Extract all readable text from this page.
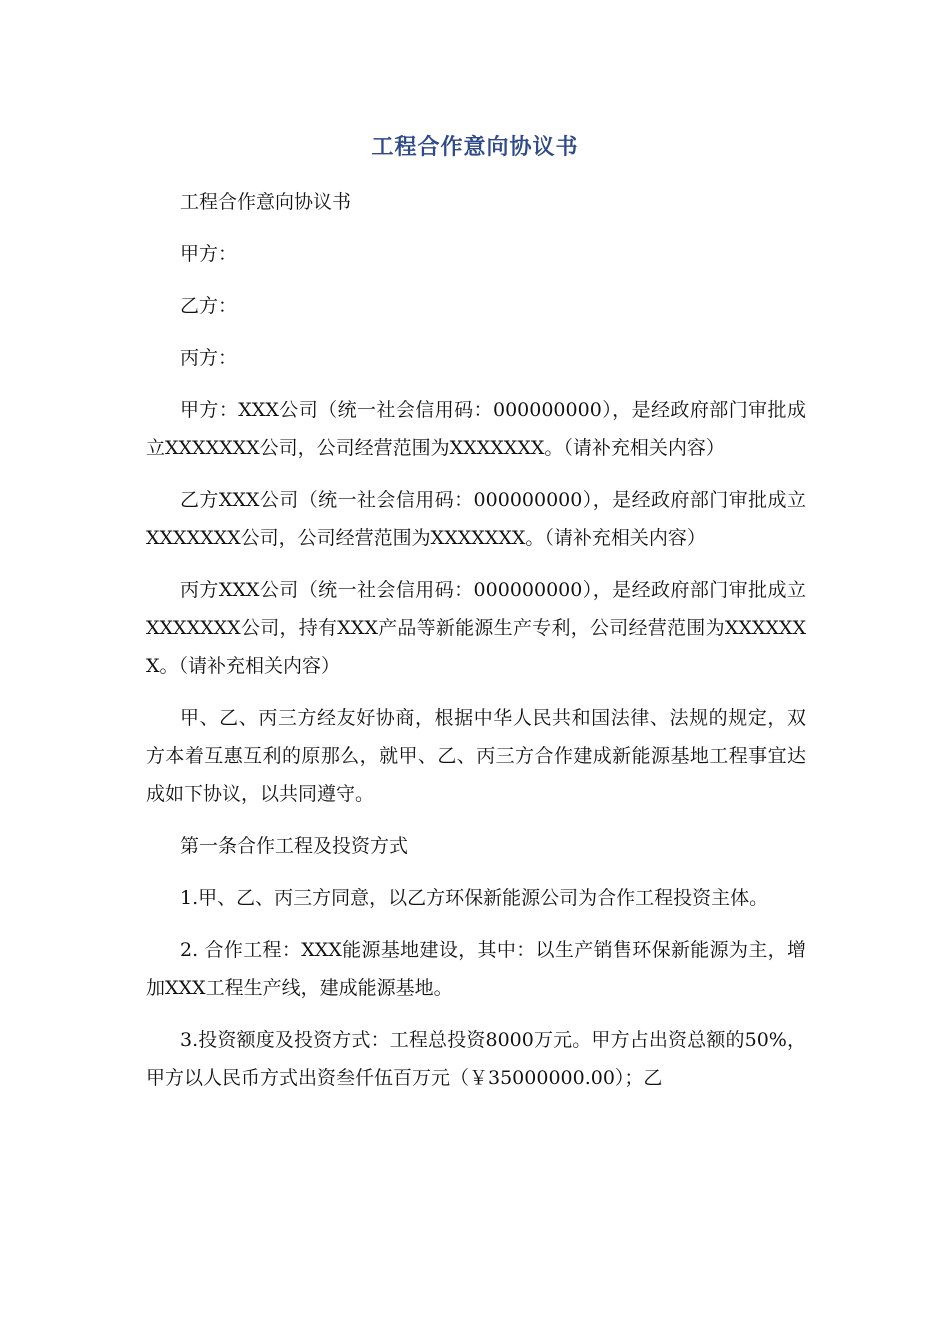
工程合作意向协议书

工程合作意向协议书

甲方：

乙方：

丙方：

甲方：XXX公司（统一社会信用码：000000000），是经政府部门审批成立XXXXXXX公司，公司经营范围为XXXXXXX。（请补充相关内容）

乙方XXX公司（统一社会信用码：000000000），是经政府部门审批成立XXXXXXX公司，公司经营范围为XXXXXXX。（请补充相关内容）

丙方XXX公司（统一社会信用码：000000000），是经政府部门审批成立XXXXXXX公司，持有XXX产品等新能源生产专利，公司经营范围为XXXXXXX。（请补充相关内容）

甲、乙、丙三方经友好协商，根据中华人民共和国法律、法规的规定，双方本着互惠互利的原那么，就甲、乙、丙三方合作建成新能源基地工程事宜达成如下协议，以共同遵守。

第一条合作工程及投资方式

1.甲、乙、丙三方同意，以乙方环保新能源公司为合作工程投资主体。

2. 合作工程：XXX能源基地建设，其中：以生产销售环保新能源为主，增加XXX工程生产线，建成能源基地。

3.投资额度及投资方式：工程总投资8000万元。甲方占出资总额的50%，甲方以人民币方式出资叁仟伍百万元（￥35000000.00）；乙
